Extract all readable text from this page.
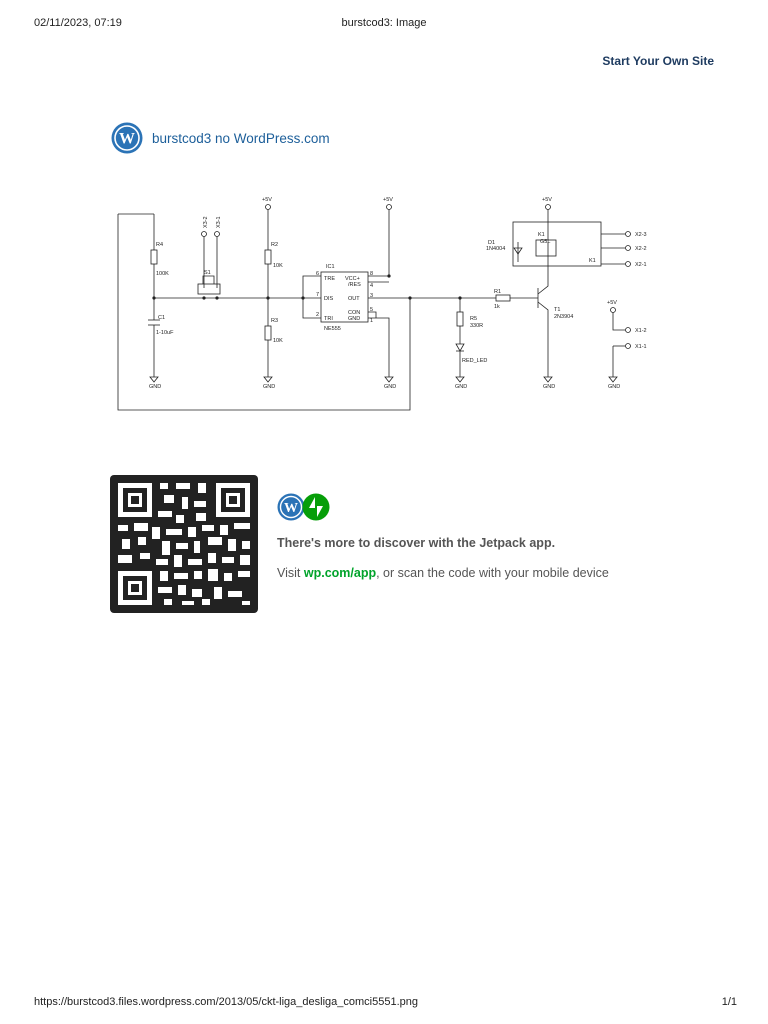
02/11/2023, 07:19	burstcod3: Image
Start Your Own Site
W burstcod3 no WordPress.com
+5V	+5V	+5V
+5V
X3-2 X3-1
R4
100K	S1
C1
1-10uF
R2
10K
R3
10K
IC1
NE555
TRE VCC+
/RES
DIS	OUT
CON
TRI	GND
8
4
7	3
6
5
2
1
D1
1N4004
K1
G5L
K1
X2-3
X2-2
X2-1
R1
1k
R5
330R
RED_LED
T1
2N3904
X1-2
X1-1
GND	GND	GND	GND	GND	GND
W
There's more to discover with the Jetpack app.
Visit wp.com/app, or scan the code with your mobile device
https://burstcod3.files.wordpress.com/2013/05/ckt-liga_desliga_comci5551.png	1/1
